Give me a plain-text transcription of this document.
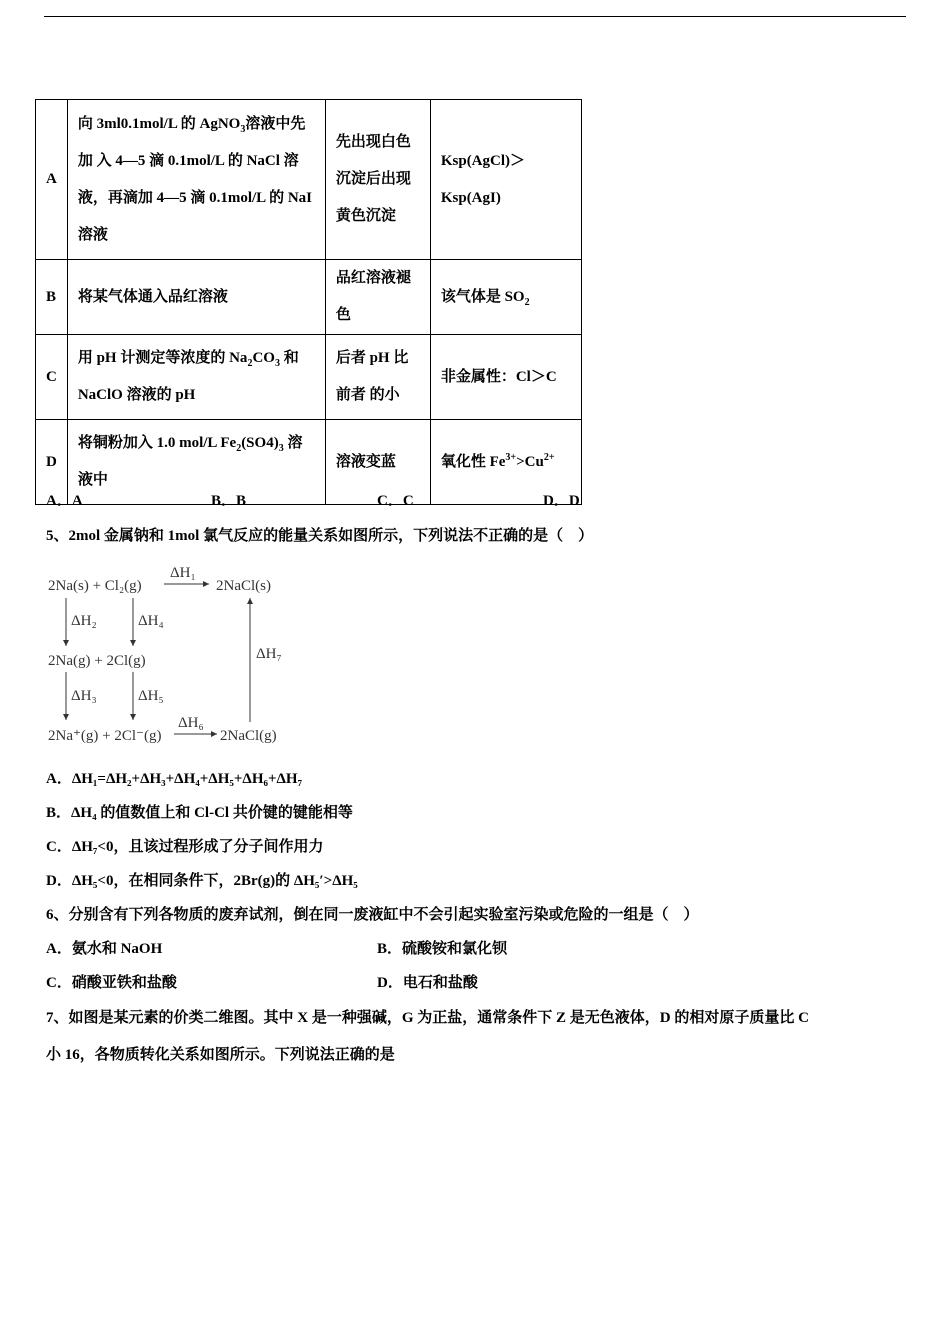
A	向 3ml0.1mol/L 的 AgNO$_3$溶液中先加 入 4—5 滴 0.1mol/L 的 NaCl 溶液，再滴加 4—5 滴 0.1mol/L 的 NaI 溶液	先出现白色沉淀后出现黄色沉淀	Ksp(AgCl)＞
Ksp(AgI)

B	将某气体通入品红溶液	品红溶液褪色	该气体是 $SO_2$
C	用 pH 计测定等浓度的 $Na_2CO_3$ 和 NaClO 溶液的 pH	后者 pH 比前者 的小	非金属性：Cl＞C
D	将铜粉加入 1.0 mol/L $Fe_2(SO4)_3$ 溶液中	溶液变蓝	氧化性 $Fe^{3+}>Cu^{2+}$
A．A	B．B	C．C	D．D
5、2mol 金属钠和 1mol 氯气反应的能量关系如图所示，下列说法不正确的是（　）
2Na(s) + Cl₂(g)	2NaCl(s)
2Na(g) + 2Cl(g)
2Na⁺(g) + 2Cl⁻(g)	2NaCl(g)
ΔH₁
ΔH₂	ΔH₄
ΔH₃	ΔH₅
ΔH₆
ΔH₇
A．ΔH₁=ΔH₂+ΔH₃+ΔH₄+ΔH₅+ΔH₆+ΔH₇
B．ΔH₄ 的值数值上和 Cl-Cl 共价键的键能相等
C．ΔH₇<0，且该过程形成了分子间作用力
D．ΔH₅<0，在相同条件下，2Br(g)的 ΔH₅′>ΔH₅
6、分别含有下列各物质的废弃试剂，倒在同一废液缸中不会引起实验室污染或危险的一组是（　）
A．氨水和 NaOH	B．硫酸铵和氯化钡
C．硝酸亚铁和盐酸	D．电石和盐酸
7、如图是某元素的价类二维图。其中 X 是一种强碱，G 为正盐，通常条件下 Z 是无色液体，D 的相对原子质量比 C
小 16，各物质转化关系如图所示。下列说法正确的是
